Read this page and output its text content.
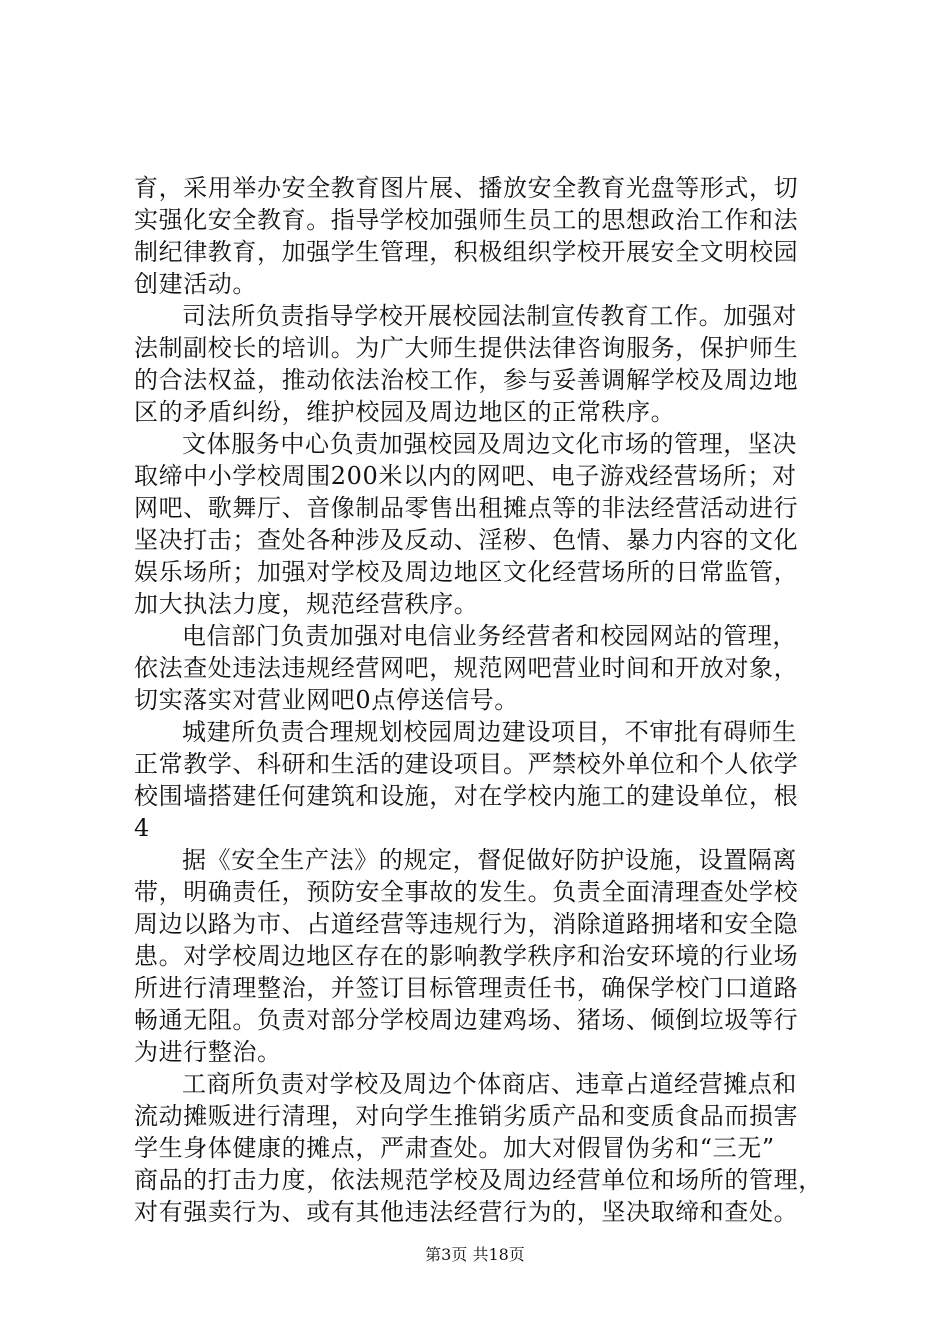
育，采用举办安全教育图片展、播放安全教育光盘等形式，切
实强化安全教育。指导学校加强师生员工的思想政治工作和法
制纪律教育，加强学生管理，积极组织学校开展安全文明校园
创建活动。
司法所负责指导学校开展校园法制宣传教育工作。加强对
法制副校长的培训。为广大师生提供法律咨询服务，保护师生
的合法权益，推动依法治校工作，参与妥善调解学校及周边地
区的矛盾纠纷，维护校园及周边地区的正常秩序。
文体服务中心负责加强校园及周边文化市场的管理，坚决
取缔中小学校周围200米以内的网吧、电子游戏经营场所；对
网吧、歌舞厅、音像制品零售出租摊点等的非法经营活动进行
坚决打击；查处各种涉及反动、淫秽、色情、暴力内容的文化
娱乐场所；加强对学校及周边地区文化经营场所的日常监管，
加大执法力度，规范经营秩序。
电信部门负责加强对电信业务经营者和校园网站的管理，
依法查处违法违规经营网吧，规范网吧营业时间和开放对象，
切实落实对营业网吧0点停送信号。
城建所负责合理规划校园周边建设项目，不审批有碍师生
正常教学、科研和生活的建设项目。严禁校外单位和个人依学
校围墙搭建任何建筑和设施，对在学校内施工的建设单位，根
4
据《安全生产法》的规定，督促做好防护设施，设置隔离
带，明确责任，预防安全事故的发生。负责全面清理查处学校
周边以路为市、占道经营等违规行为，消除道路拥堵和安全隐
患。对学校周边地区存在的影响教学秩序和治安环境的行业场
所进行清理整治，并签订目标管理责任书，确保学校门口道路
畅通无阻。负责对部分学校周边建鸡场、猪场、倾倒垃圾等行
为进行整治。
工商所负责对学校及周边个体商店、违章占道经营摊点和
流动摊贩进行清理，对向学生推销劣质产品和变质食品而损害
学生身体健康的摊点，严肃查处。加大对假冒伪劣和“三无”
商品的打击力度，依法规范学校及周边经营单位和场所的管理，
对有强卖行为、或有其他违法经营行为的，坚决取缔和查处。
第3页 共18页
